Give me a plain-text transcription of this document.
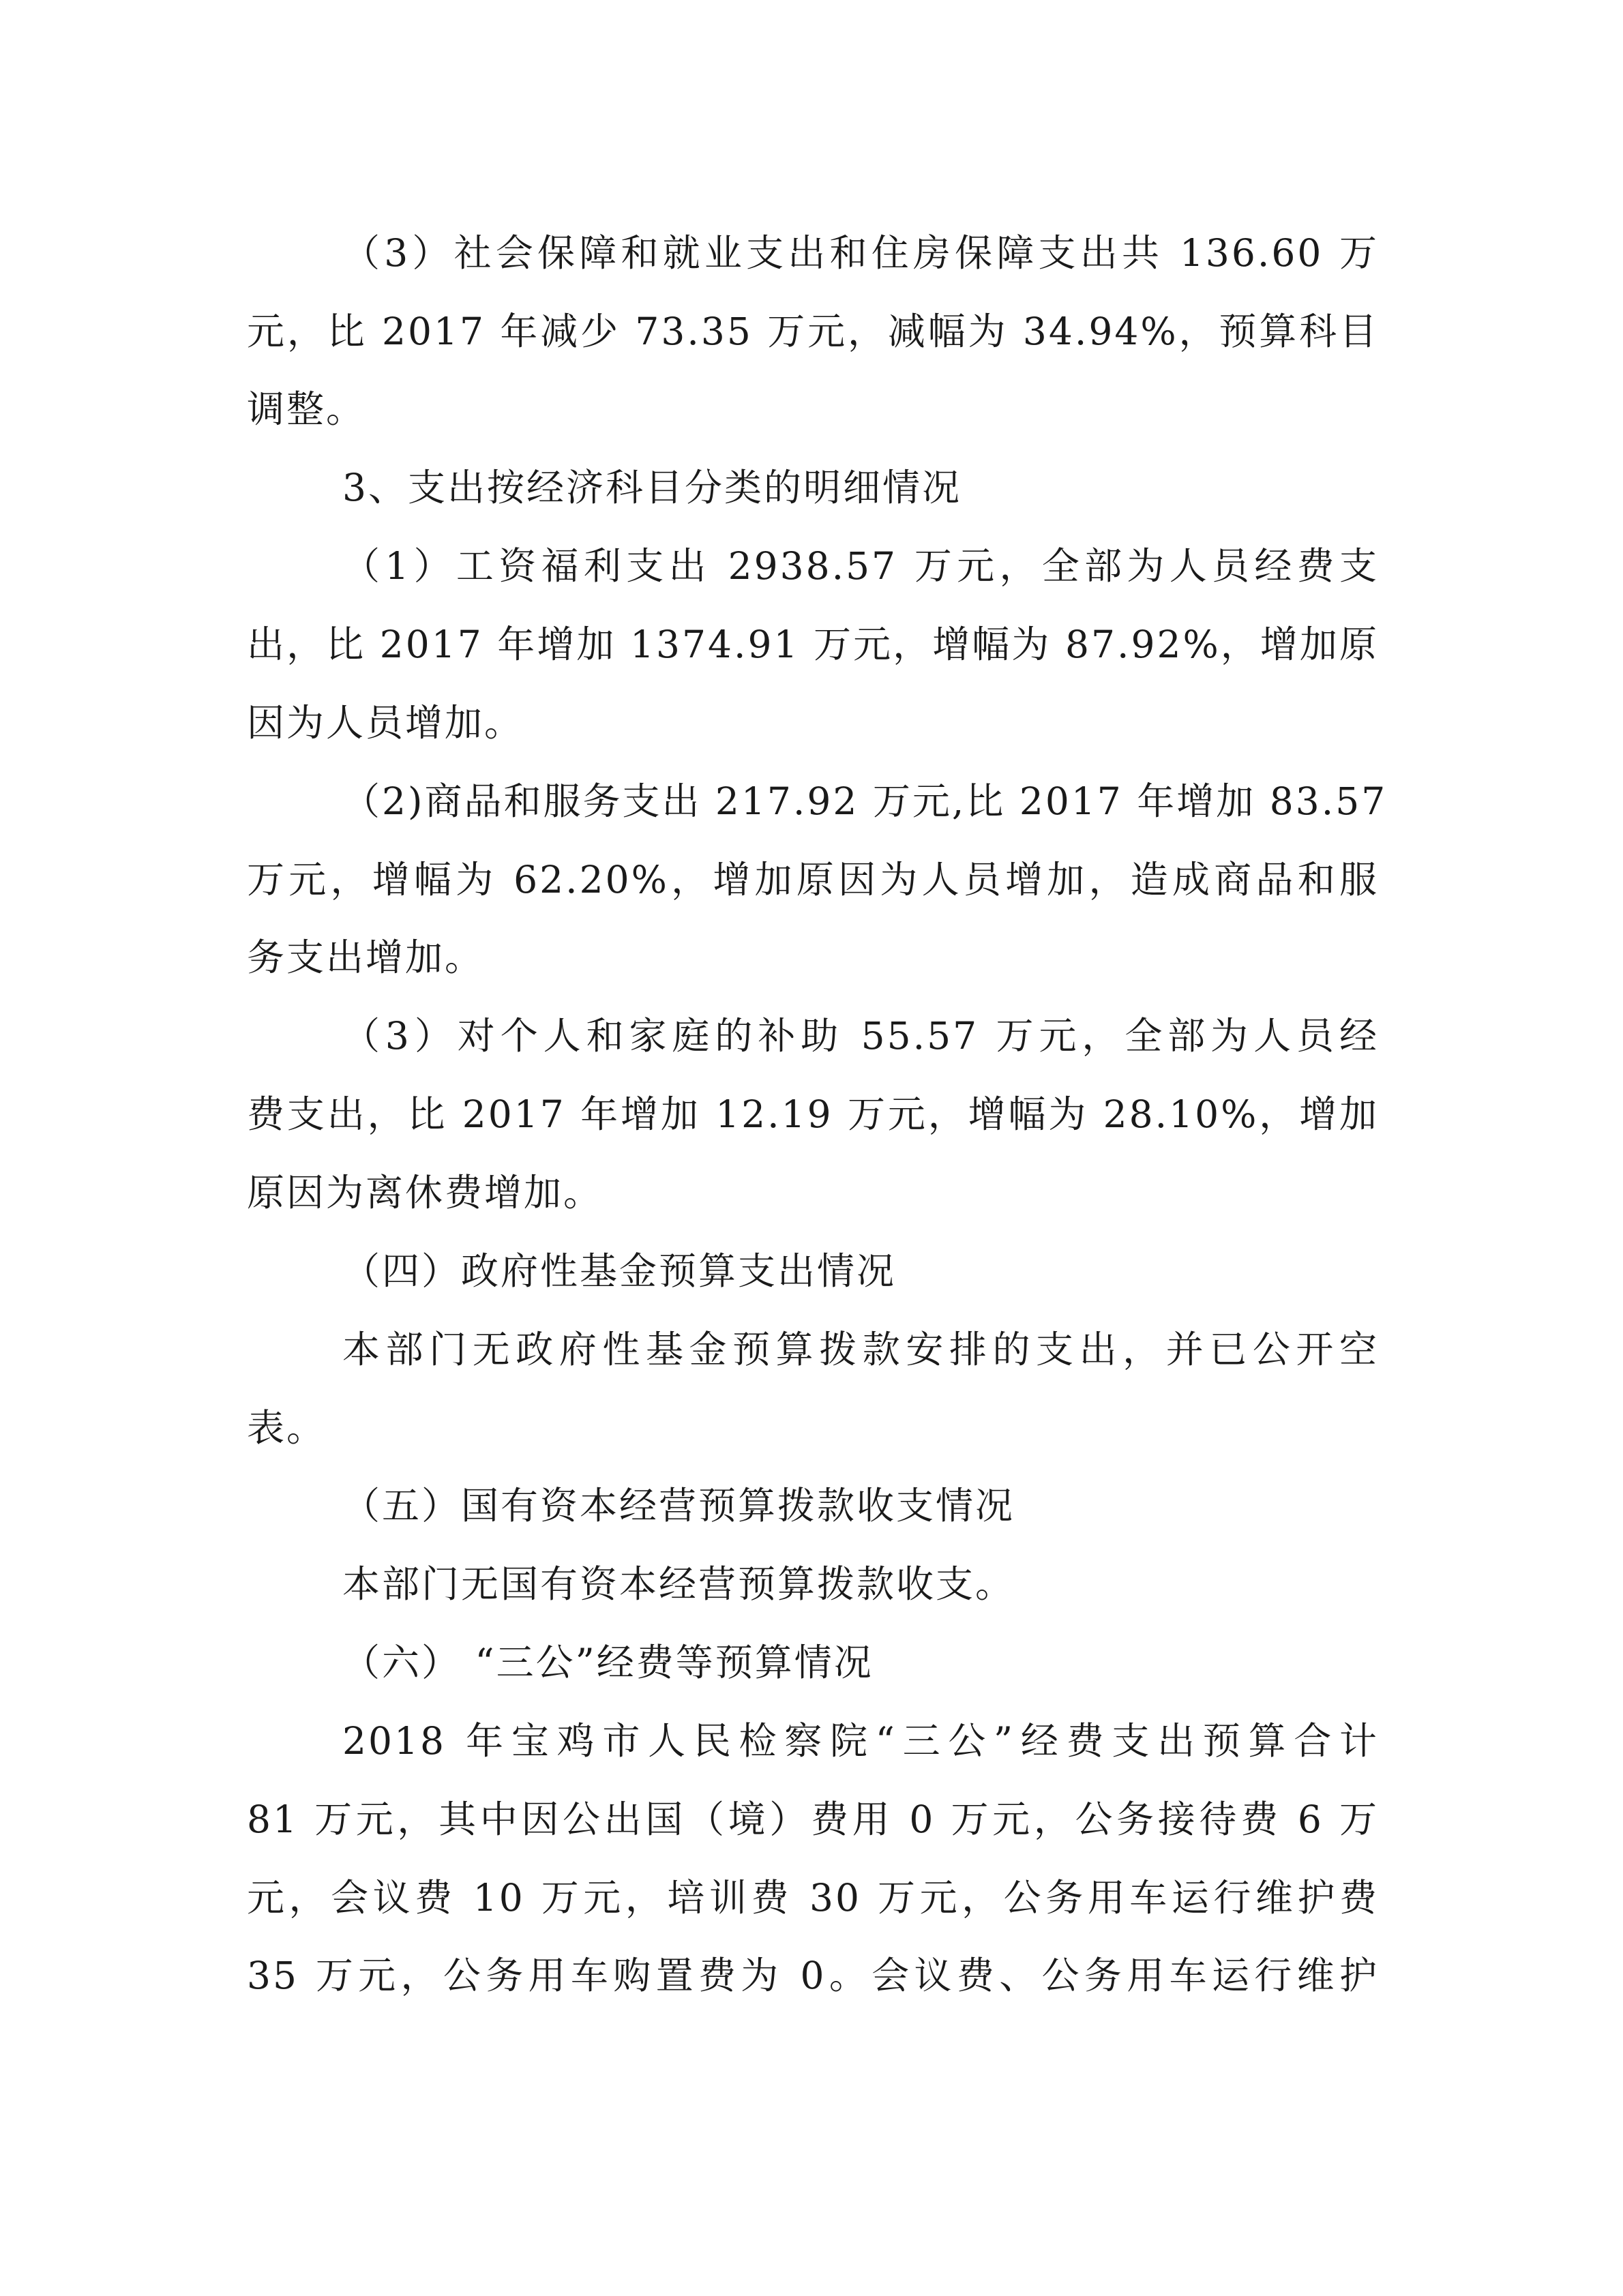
（3）社会保障和就业支出和住房保障支出共 136.60 万
元，比 2017 年减少 73.35 万元，减幅为 34.94%，预算科目
调整。
3、支出按经济科目分类的明细情况
（1）工资福利支出 2938.57 万元，全部为人员经费支
出，比 2017 年增加 1374.91 万元，增幅为 87.92%，增加原
因为人员增加。
（2)商品和服务支出 217.92 万元,比 2017 年增加 83.57
万元，增幅为 62.20%，增加原因为人员增加，造成商品和服
务支出增加。
（3）对个人和家庭的补助 55.57 万元，全部为人员经
费支出，比 2017 年增加 12.19 万元，增幅为 28.10%，增加
原因为离休费增加。
（四）政府性基金预算支出情况
本部门无政府性基金预算拨款安排的支出，并已公开空
表。
（五）国有资本经营预算拨款收支情况
本部门无国有资本经营预算拨款收支。
（六） “三公”经费等预算情况
2018 年宝鸡市人民检察院“三公”经费支出预算合计
81 万元，其中因公出国（境）费用 0 万元，公务接待费 6 万
元，会议费 10 万元，培训费 30 万元，公务用车运行维护费
35 万元，公务用车购置费为 0。会议费、公务用车运行维护
